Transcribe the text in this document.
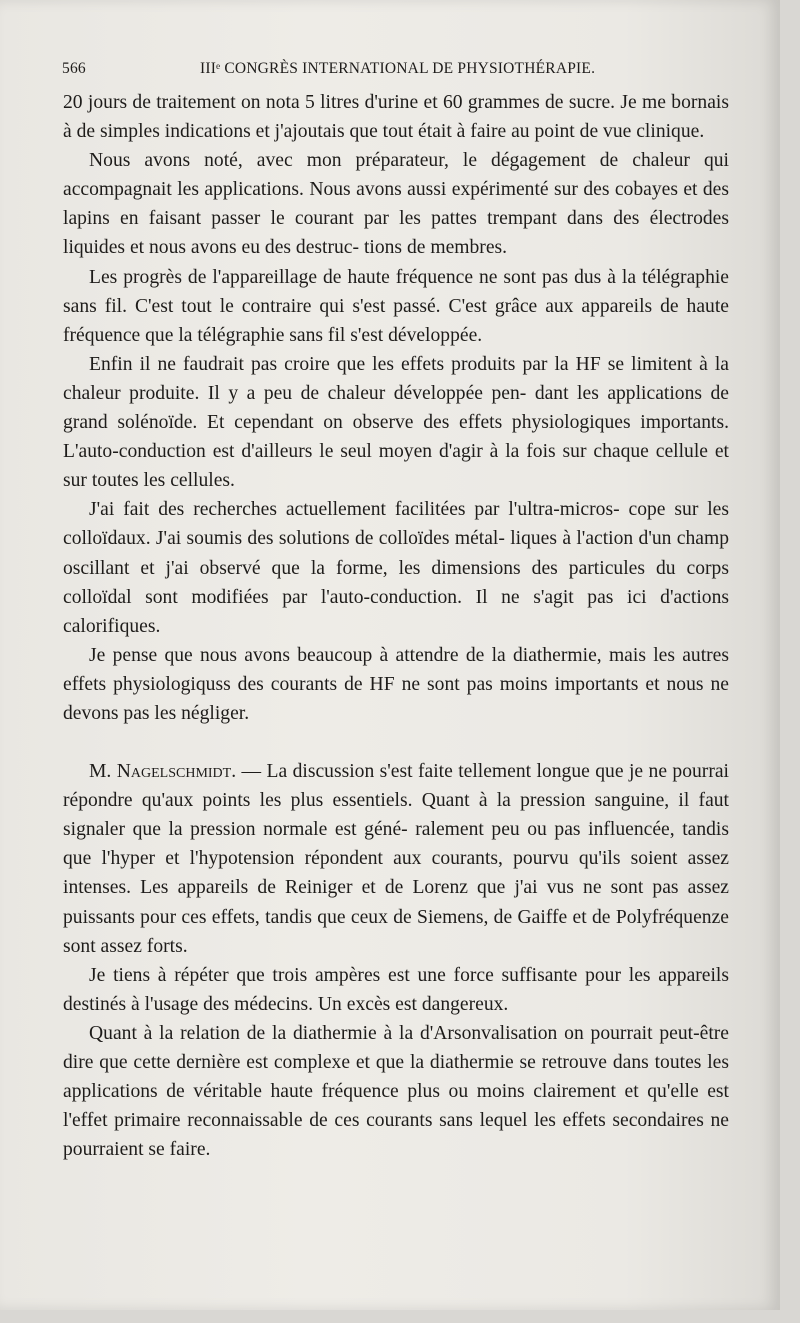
566	IIIᵉ CONGRÈS INTERNATIONAL DE PHYSIOTHÉRAPIE.

20 jours de traitement on nota 5 litres d'urine et 60 grammes de sucre. Je me bornais à de simples indications et j'ajoutais que tout était à faire au point de vue clinique.

Nous avons noté, avec mon préparateur, le dégagement de chaleur qui accompagnait les applications. Nous avons aussi expérimenté sur des cobayes et des lapins en faisant passer le courant par les pattes trempant dans des électrodes liquides et nous avons eu des destruc- tions de membres.

Les progrès de l'appareillage de haute fréquence ne sont pas dus à la télégraphie sans fil. C'est tout le contraire qui s'est passé. C'est grâce aux appareils de haute fréquence que la télégraphie sans fil s'est développée.

Enfin il ne faudrait pas croire que les effets produits par la HF se limitent à la chaleur produite. Il y a peu de chaleur développée pen- dant les applications de grand solénoïde. Et cependant on observe des effets physiologiques importants. L'auto-conduction est d'ailleurs le seul moyen d'agir à la fois sur chaque cellule et sur toutes les cellules.

J'ai fait des recherches actuellement facilitées par l'ultra-micros- cope sur les colloïdaux. J'ai soumis des solutions de colloïdes métal- liques à l'action d'un champ oscillant et j'ai observé que la forme, les dimensions des particules du corps colloïdal sont modifiées par l'auto-conduction. Il ne s'agit pas ici d'actions calorifiques.

Je pense que nous avons beaucoup à attendre de la diathermie, mais les autres effets physiologiquss des courants de HF ne sont pas moins importants et nous ne devons pas les négliger.

M. Nagelschmidt. — La discussion s'est faite tellement longue que je ne pourrai répondre qu'aux points les plus essentiels. Quant à la pression sanguine, il faut signaler que la pression normale est géné- ralement peu ou pas influencée, tandis que l'hyper et l'hypotension répondent aux courants, pourvu qu'ils soient assez intenses. Les appareils de Reiniger et de Lorenz que j'ai vus ne sont pas assez puissants pour ces effets, tandis que ceux de Siemens, de Gaiffe et de Polyfréquenze sont assez forts.

Je tiens à répéter que trois ampères est une force suffisante pour les appareils destinés à l'usage des médecins. Un excès est dangereux.

Quant à la relation de la diathermie à la d'Arsonvalisation on pourrait peut-être dire que cette dernière est complexe et que la diathermie se retrouve dans toutes les applications de véritable haute fréquence plus ou moins clairement et qu'elle est l'effet primaire reconnaissable de ces courants sans lequel les effets secondaires ne pourraient se faire.
